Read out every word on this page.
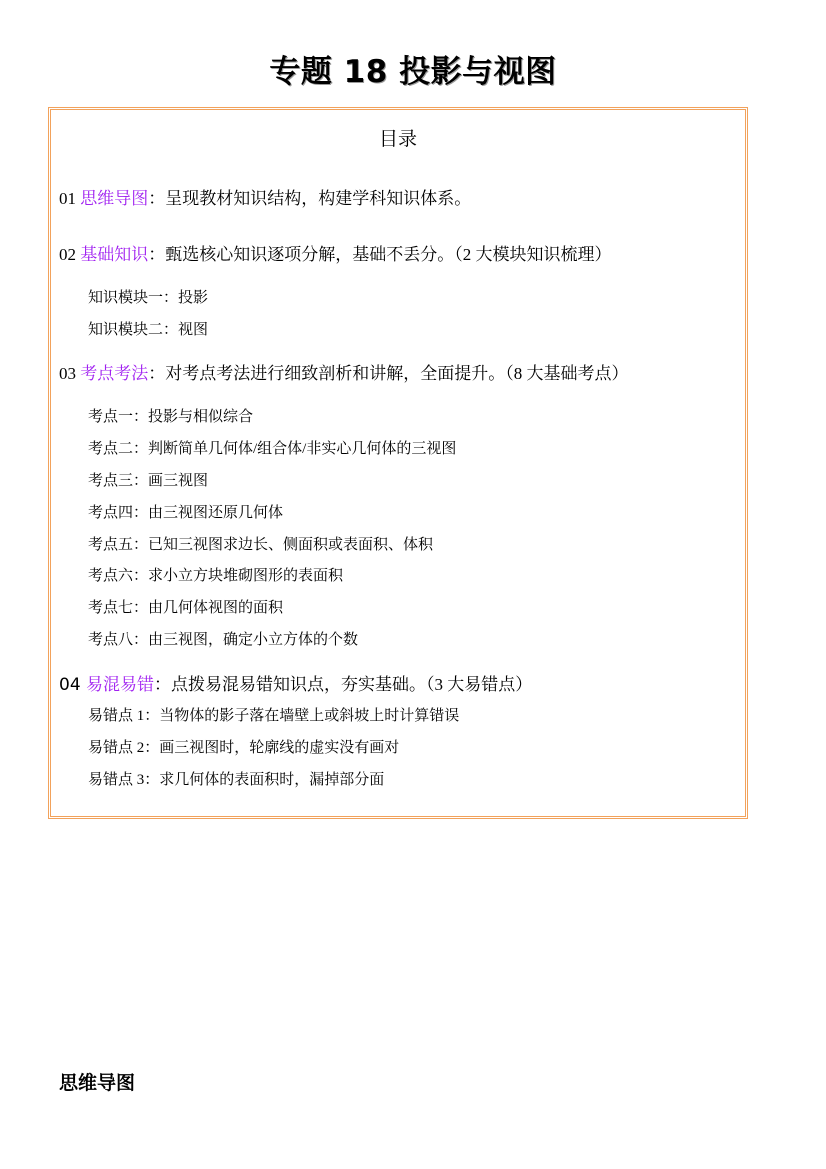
专题 18 投影与视图
目录
01 思维导图：呈现教材知识结构，构建学科知识体系。
02 基础知识：甄选核心知识逐项分解，基础不丢分。（2 大模块知识梳理）
知识模块一：投影
知识模块二：视图
03 考点考法：对考点考法进行细致剖析和讲解，全面提升。（8 大基础考点）
考点一：投影与相似综合
考点二：判断简单几何体/组合体/非实心几何体的三视图
考点三：画三视图
考点四：由三视图还原几何体
考点五：已知三视图求边长、侧面积或表面积、体积
考点六：求小立方块堆砌图形的表面积
考点七：由几何体视图的面积
考点八：由三视图，确定小立方体的个数
04 易混易错：点拨易混易错知识点，夯实基础。（3 大易错点）
易错点 1：当物体的影子落在墙壁上或斜坡上时计算错误
易错点 2：画三视图时，轮廓线的虚实没有画对
易错点 3：求几何体的表面积时，漏掉部分面
思维导图
